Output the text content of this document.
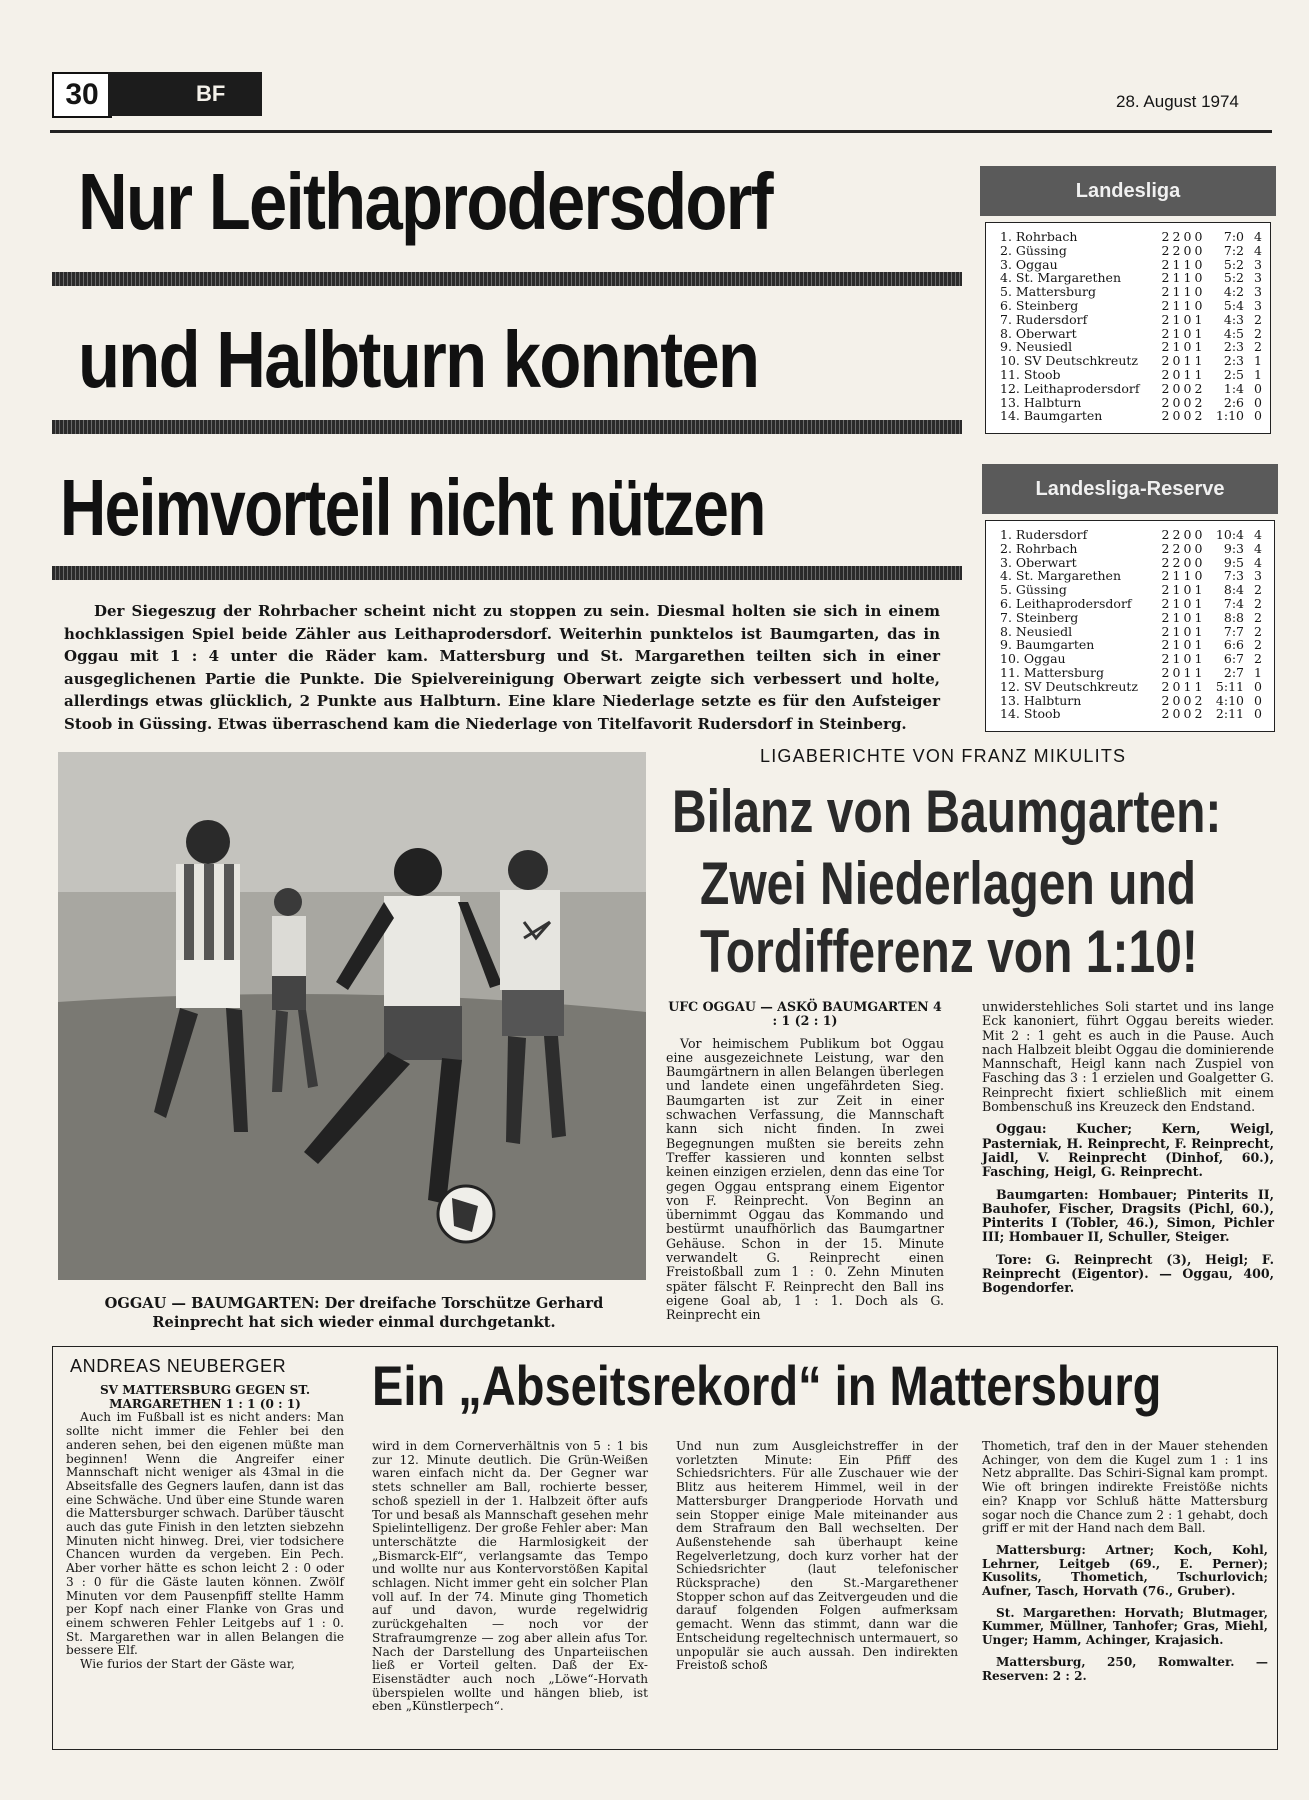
30	BF	28. August 1974
Nur Leithaprodersdorf
und Halbturn konnten
Heimvorteil nicht nützen
Der Siegeszug der Rohrbacher scheint nicht zu stoppen zu sein. Diesmal holten sie sich in einem hochklassigen Spiel beide Zähler aus Leithaprodersdorf. Weiterhin punktelos ist Baumgarten, das in Oggau mit 1 : 4 unter die Räder kam. Mattersburg und St. Margarethen teilten sich in einer ausgeglichenen Partie die Punkte. Die Spielvereinigung Oberwart zeigte sich verbessert und holte, allerdings etwas glücklich, 2 Punkte aus Halbturn. Eine klare Niederlage setzte es für den Aufsteiger Stoob in Güssing. Etwas überraschend kam die Niederlage von Titelfavorit Rudersdorf in Steinberg.
Landesliga
1. Rohrbach	2	2	0	0	7:0	4
2. Güssing	2	2	0	0	7:2	4
3. Oggau	2	1	1	0	5:2	3
4. St. Margarethen	2	1	1	0	5:2	3
5. Mattersburg	2	1	1	0	4:2	3
6. Steinberg	2	1	1	0	5:4	3
7. Rudersdorf	2	1	0	1	4:3	2
8. Oberwart	2	1	0	1	4:5	2
9. Neusiedl	2	1	0	1	2:3	2
10. SV Deutschkreutz	2	0	1	1	2:3	1
11. Stoob	2	0	1	1	2:5	1
12. Leithaprodersdorf	2	0	0	2	1:4	0
13. Halbturn	2	0	0	2	2:6	0
14. Baumgarten	2	0	0	2	1:10	0
Landesliga-Reserve
1. Rudersdorf	2	2	0	0	10:4	4
2. Rohrbach	2	2	0	0	9:3	4
3. Oberwart	2	2	0	0	9:5	4
4. St. Margarethen	2	1	1	0	7:3	3
5. Güssing	2	1	0	1	8:4	2
6. Leithaprodersdorf	2	1	0	1	7:4	2
7. Steinberg	2	1	0	1	8:8	2
8. Neusiedl	2	1	0	1	7:7	2
9. Baumgarten	2	1	0	1	6:6	2
10. Oggau	2	1	0	1	6:7	2
11. Mattersburg	2	0	1	1	2:7	1
12. SV Deutschkreutz	2	0	1	1	5:11	0
13. Halbturn	2	0	0	2	4:10	0
14. Stoob	2	0	0	2	2:11	0
LIGABERICHTE VON FRANZ MIKULITS
OGGAU — BAUMGARTEN: Der dreifache Torschütze Gerhard Reinprecht hat sich wieder einmal durchgetankt.
Bilanz von Baumgarten:
Zwei Niederlagen und
Tordifferenz von 1:10!

UFC OGGAU — ASKÖ BAUMGARTEN 4 : 1 (2 : 1)

Vor heimischem Publikum bot Oggau eine ausgezeichnete Leistung, war den Baumgärtnern in allen Belangen überlegen und landete einen ungefährdeten Sieg. Baumgarten ist zur Zeit in einer schwachen Verfassung, die Mannschaft kann sich nicht finden. In zwei Begegnungen mußten sie bereits zehn Treffer kassieren und konnten selbst keinen einzigen erzielen, denn das eine Tor gegen Oggau entsprang einem Eigentor von F. Reinprecht. Von Beginn an übernimmt Oggau das Kommando und bestürmt unaufhörlich das Baumgartner Gehäuse. Schon in der 15. Minute verwandelt G. Reinprecht einen Freistoßball zum 1 : 0. Zehn Minuten später fälscht F. Reinprecht den Ball ins eigene Goal ab, 1 : 1. Doch als G. Reinprecht ein

unwiderstehliches Soli startet und ins lange Eck kanoniert, führt Oggau bereits wieder. Mit 2 : 1 geht es auch in die Pause. Auch nach Halbzeit bleibt Oggau die dominierende Mannschaft, Heigl kann nach Zuspiel von Fasching das 3 : 1 erzielen und Goalgetter G. Reinprecht fixiert schließlich mit einem Bombenschuß ins Kreuzeck den Endstand.

Oggau: Kucher; Kern, Weigl, Pasterniak, H. Reinprecht, F. Reinprecht, Jaidl, V. Reinprecht (Dinhof, 60.), Fasching, Heigl, G. Reinprecht.

Baumgarten: Hombauer; Pinterits II, Bauhofer, Fischer, Dragsits (Pichl, 60.), Pinterits I (Tobler, 46.), Simon, Pichler III; Hombauer II, Schuller, Steiger.

Tore: G. Reinprecht (3), Heigl; F. Reinprecht (Eigentor). — Oggau, 400, Bogendorfer.

ANDREAS NEUBERGER Ein „Abseitsrekord“ in Mattersburg

SV MATTERSBURG GEGEN ST. MARGARETHEN 1 : 1 (0 : 1)

Auch im Fußball ist es nicht anders: Man sollte nicht immer die Fehler bei den anderen sehen, bei den eigenen müßte man beginnen! Wenn die Angreifer einer Mannschaft nicht weniger als 43mal in die Abseitsfalle des Gegners laufen, dann ist das eine Schwäche. Und über eine Stunde waren die Mattersburger schwach. Darüber täuscht auch das gute Finish in den letzten siebzehn Minuten nicht hinweg. Drei, vier todsichere Chancen wurden da vergeben. Ein Pech. Aber vorher hätte es schon leicht 2 : 0 oder 3 : 0 für die Gäste lauten können. Zwölf Minuten vor dem Pausenpfiff stellte Hamm per Kopf nach einer Flanke von Gras und einem schweren Fehler Leitgebs auf 1 : 0. St. Margarethen war in allen Belangen die bessere Elf.

Wie furios der Start der Gäste war,

wird in dem Cornerverhältnis von 5 : 1 bis zur 12. Minute deutlich. Die Grün-Weißen waren einfach nicht da. Der Gegner war stets schneller am Ball, rochierte besser, schoß speziell in der 1. Halbzeit öfter aufs Tor und besaß als Mannschaft gesehen mehr Spielintelligenz. Der große Fehler aber: Man unterschätzte die Harmlosigkeit der „Bismarck-Elf“, verlangsamte das Tempo und wollte nur aus Kontervorstößen Kapital schlagen. Nicht immer geht ein solcher Plan voll auf. In der 74. Minute ging Thometich auf und davon, wurde regelwidrig zurückgehalten — noch vor der Strafraumgrenze — zog aber allein afus Tor. Nach der Darstellung des Unparteiischen ließ er Vorteil gelten. Daß der Ex-Eisenstädter auch noch „Löwe“-Horvath überspielen wollte und hängen blieb, ist eben „Künstlerpech“.

Und nun zum Ausgleichstreffer in der vorletzten Minute: Ein Pfiff des Schiedsrichters. Für alle Zuschauer wie der Blitz aus heiterem Himmel, weil in der Mattersburger Drangperiode Horvath und sein Stopper einige Male miteinander aus dem Strafraum den Ball wechselten. Der Außenstehende sah überhaupt keine Regelverletzung, doch kurz vorher hat der Schiedsrichter (laut telefonischer Rücksprache) den St.-Margarethener Stopper schon auf das Zeitvergeuden und die darauf folgenden Folgen aufmerksam gemacht. Wenn das stimmt, dann war die Entscheidung regeltechnisch untermauert, so unpopulär sie auch aussah. Den indirekten Freistoß schoß

Thometich, traf den in der Mauer stehenden Achinger, von dem die Kugel zum 1 : 1 ins Netz abprallte. Das Schiri-Signal kam prompt. Wie oft bringen indirekte Freistöße nichts ein? Knapp vor Schluß hätte Mattersburg sogar noch die Chance zum 2 : 1 gehabt, doch griff er mit der Hand nach dem Ball.

Mattersburg: Artner; Koch, Kohl, Lehrner, Leitgeb (69., E. Perner); Kusolits, Thometich, Tschurlovich; Aufner, Tasch, Horvath (76., Gruber).

St. Margarethen: Horvath; Blutmager, Kummer, Müllner, Tanhofer; Gras, Miehl, Unger; Hamm, Achinger, Krajasich.

Mattersburg, 250, Romwalter. — Reserven: 2 : 2.
